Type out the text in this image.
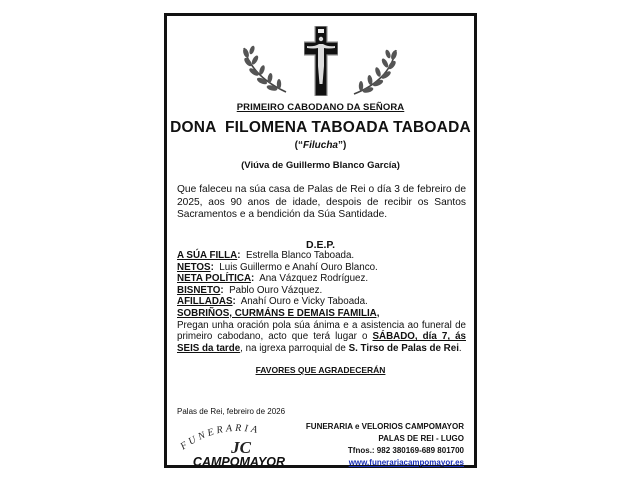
PRIMEIRO CABODANO DA SEÑORA
DONA  FILOMENA TABOADA TABOADA
(“Filucha”)
(Viúva de Guillermo Blanco García)
Que faleceu na súa casa de Palas de Rei o día 3 de febreiro de 2025, aos 90 anos de idade, despois de recibir os Santos Sacramentos e a bendición da Súa Santidade.
D.E.P.
A SÚA FILLA: Estrella Blanco Taboada.
NETOS: Luis Guillermo e Anahí Ouro Blanco.
NETA POLÍTICA: Ana Vázquez Rodríguez.
BISNETO: Pablo Ouro Vázquez.
AFILLADAS: Anahí Ouro e Vicky Taboada.
SOBRIÑOS, CURMÁNS E DEMAIS FAMILIA,
Pregan unha oración pola súa ánima e a asistencia ao funeral de primeiro cabodano, acto que terá lugar o SÁBADO, día 7, ás SEIS da tarde, na igrexa parroquial de S. Tirso de Palas de Rei.
FAVORES QUE AGRADECERÁN
Palas de Rei, febreiro de 2026
FUNERARIA
JC
CAMPOMAYOR
FUNERARIA e VELORIOS CAMPOMAYOR
PALAS DE REI - LUGO
Tfnos.: 982 380169-689 801700
www.funerariacampomayor.es
